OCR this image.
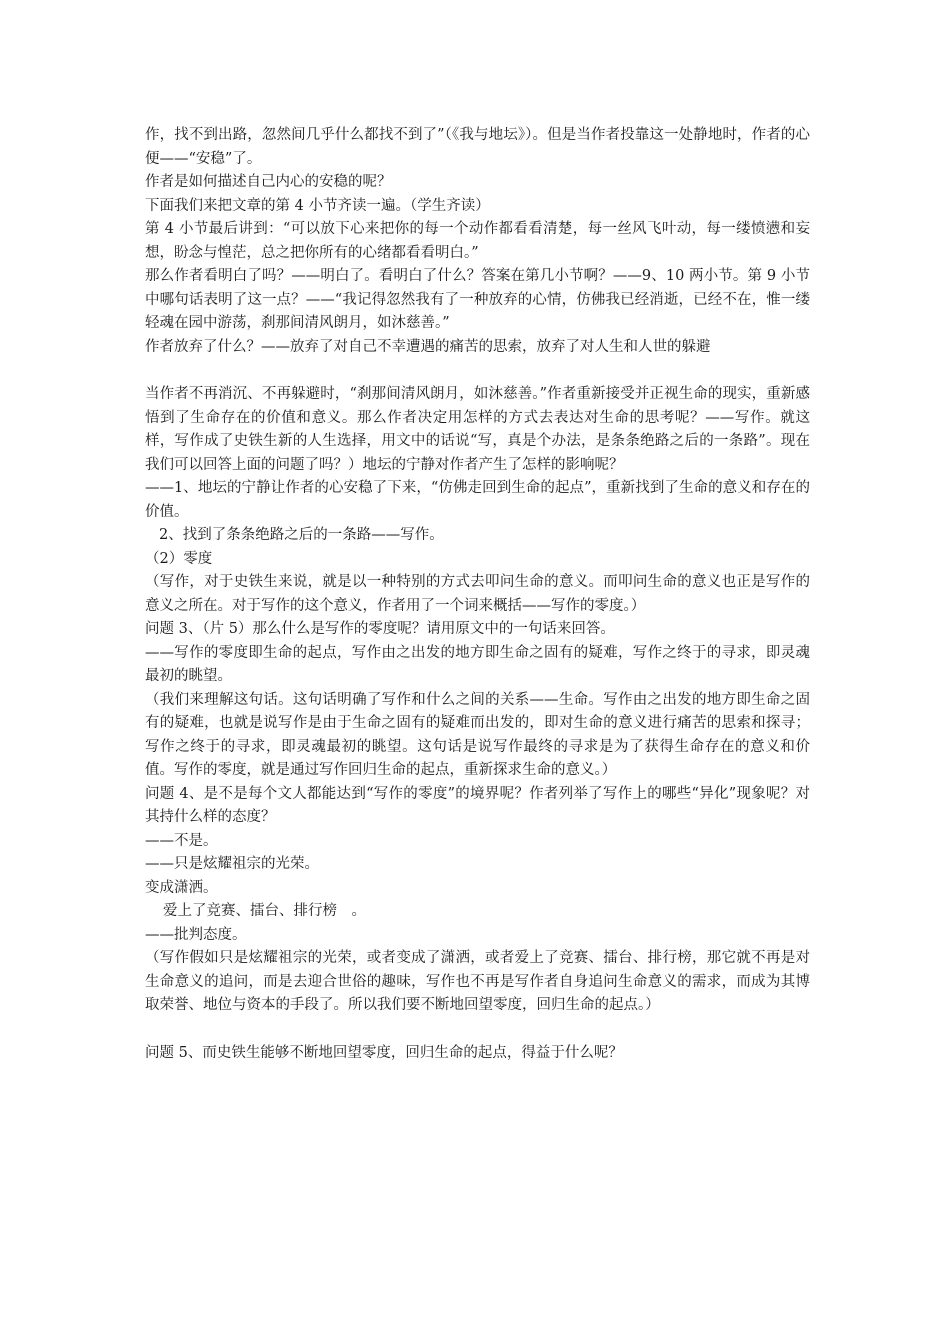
作，找不到出路，忽然间几乎什么都找不到了”（《我与地坛》）。但是当作者投靠这一处静地时，作者的心便——“安稳”了。

作者是如何描述自己内心的安稳的呢？

下面我们来把文章的第 4 小节齐读一遍。（学生齐读）

第 4 小节最后讲到：“可以放下心来把你的每一个动作都看看清楚，每一丝风飞叶动，每一缕愤懑和妄想，盼念与惶茫，总之把你所有的心绪都看看明白。”

那么作者看明白了吗？——明白了。看明白了什么？答案在第几小节啊？——9、10 两小节。第 9 小节中哪句话表明了这一点？——“我记得忽然我有了一种放弃的心情，仿佛我已经消逝，已经不在，惟一缕轻魂在园中游荡，刹那间清风朗月，如沐慈善。”

作者放弃了什么？——放弃了对自己不幸遭遇的痛苦的思索，放弃了对人生和人世的躲避

当作者不再消沉、不再躲避时，“刹那间清风朗月，如沐慈善。”作者重新接受并正视生命的现实，重新感悟到了生命存在的价值和意义。那么作者决定用怎样的方式去表达对生命的思考呢？——写作。就这样，写作成了史铁生新的人生选择，用文中的话说“写，真是个办法，是条条绝路之后的一条路”。现在我们可以回答上面的问题了吗？）地坛的宁静对作者产生了怎样的影响呢？

——1、地坛的宁静让作者的心安稳了下来，“仿佛走回到生命的起点”，重新找到了生命的意义和存在的价值。

2、找到了条条绝路之后的一条路——写作。

（2）零度

（写作，对于史铁生来说，就是以一种特别的方式去叩问生命的意义。而叩问生命的意义也正是写作的意义之所在。对于写作的这个意义，作者用了一个词来概括——写作的零度。）

问题 3、（片 5）那么什么是写作的零度呢？请用原文中的一句话来回答。

——写作的零度即生命的起点，写作由之出发的地方即生命之固有的疑难，写作之终于的寻求，即灵魂最初的眺望。

（我们来理解这句话。这句话明确了写作和什么之间的关系——生命。写作由之出发的地方即生命之固有的疑难，也就是说写作是由于生命之固有的疑难而出发的，即对生命的意义进行痛苦的思索和探寻；写作之终于的寻求，即灵魂最初的眺望。这句话是说写作最终的寻求是为了获得生命存在的意义和价值。写作的零度，就是通过写作回归生命的起点，重新探求生命的意义。）

问题 4、是不是每个文人都能达到“写作的零度”的境界呢？作者列举了写作上的哪些“异化”现象呢？对其持什么样的态度？

——不是。

——只是炫耀祖宗的光荣。

变成潇洒。

爱上了竞赛、擂台、排行榜　。

——批判态度。

（写作假如只是炫耀祖宗的光荣，或者变成了潇洒，或者爱上了竞赛、擂台、排行榜，那它就不再是对生命意义的追问，而是去迎合世俗的趣味，写作也不再是写作者自身追问生命意义的需求，而成为其博取荣誉、地位与资本的手段了。所以我们要不断地回望零度，回归生命的起点。）

问题 5、而史铁生能够不断地回望零度，回归生命的起点，得益于什么呢？
